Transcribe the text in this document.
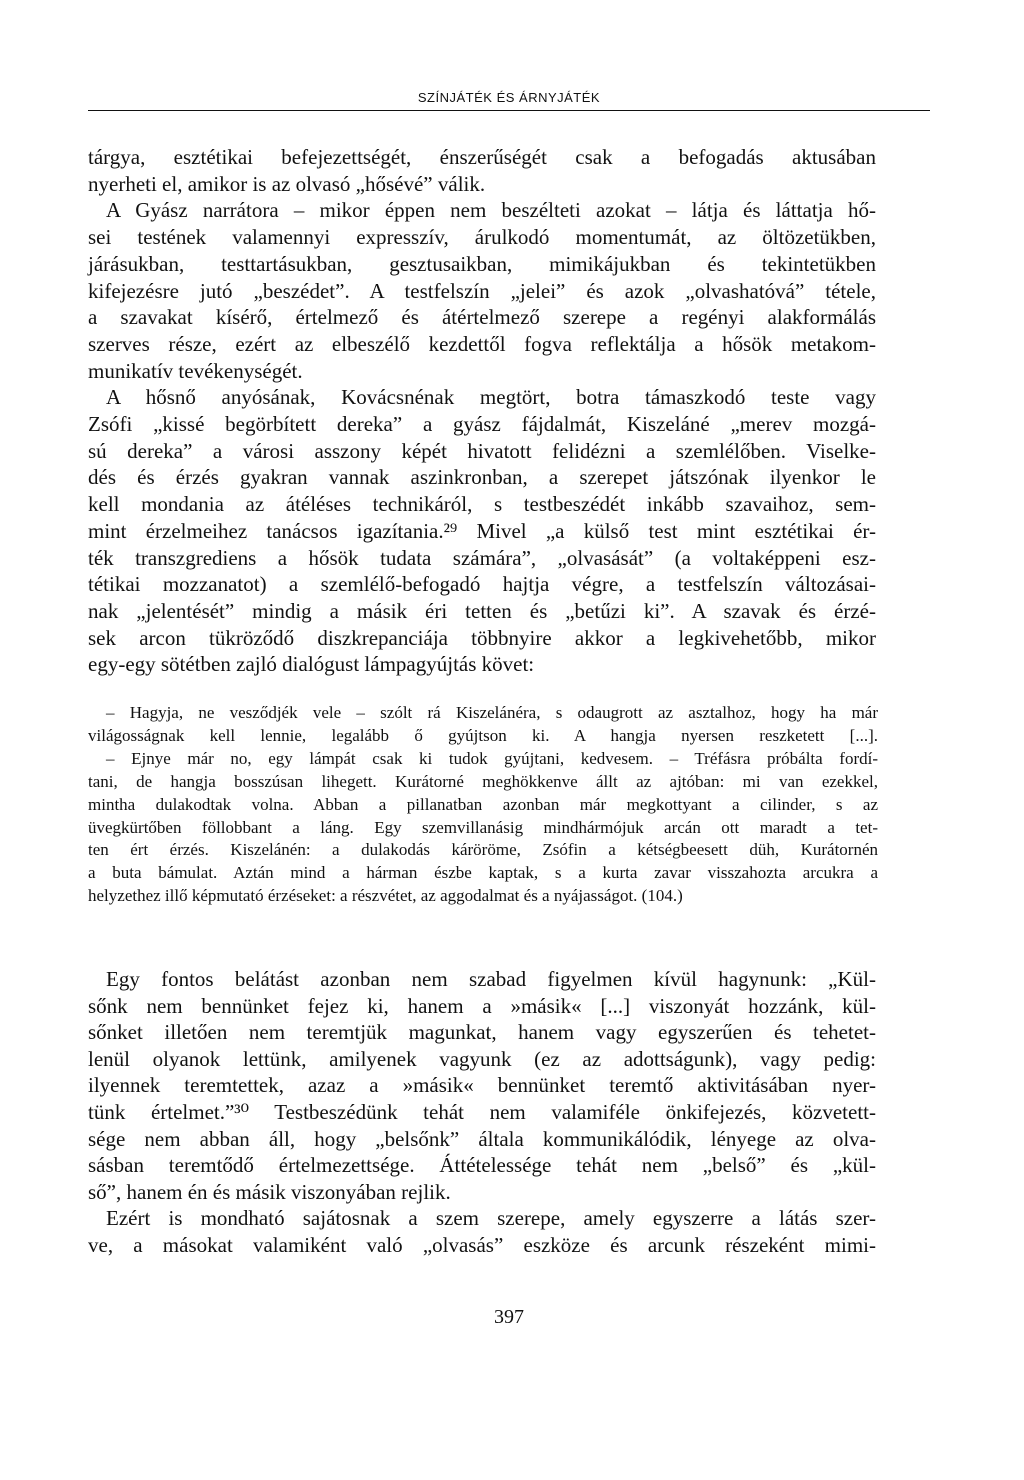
SZÍNJÁTÉK ÉS ÁRNYJÁTÉK
tárgya, esztétikai befejezettségét, énszerűségét csak a befogadás aktusában
nyerheti el, amikor is az olvasó „hősévé” válik.
A Gyász narrátora – mikor éppen nem beszélteti azokat – látja és láttatja hő-
sei testének valamennyi expresszív, árulkodó momentumát, az öltözetükben,
járásukban, testtartásukban, gesztusaikban, mimikájukban és tekintetükben
kifejezésre jutó „beszédet”. A testfelszín „jelei” és azok „olvashatóvá” tétele,
a szavakat kísérő, értelmező és átértelmező szerepe a regényi alakformálás
szerves része, ezért az elbeszélő kezdettől fogva reflektálja a hősök metakom-
munikatív tevékenységét.
A hősnő anyósának, Kovácsnénak megtört, botra támaszkodó teste vagy
Zsófi „kissé begörbített dereka” a gyász fájdalmát, Kiszeláné „merev mozgá-
sú dereka” a városi asszony képét hivatott felidézni a szemlélőben. Viselke-
dés és érzés gyakran vannak aszinkronban, a szerepet játszónak ilyenkor le
kell mondania az átéléses technikáról, s testbeszédét inkább szavaihoz, sem-
mint érzelmeihez tanácsos igazítania.²⁹ Mivel „a külső test mint esztétikai ér-
ték transzgrediens a hősök tudata számára”, „olvasását” (a voltaképpeni esz-
tétikai mozzanatot) a szemlélő-befogadó hajtja végre, a testfelszín változásai-
nak „jelentését” mindig a másik éri tetten és „betűzi ki”. A szavak és érzé-
sek arcon tükröződő diszkrepanciája többnyire akkor a legkivehetőbb, mikor
egy-egy sötétben zajló dialógust lámpagyújtás követ:
– Hagyja, ne vesződjék vele – szólt rá Kiszelánéra, s odaugrott az asztalhoz, hogy ha már
világosságnak kell lennie, legalább ő gyújtson ki. A hangja nyersen reszketett [...].
– Ejnye már no, egy lámpát csak ki tudok gyújtani, kedvesem. – Tréfásra próbálta fordí-
tani, de hangja bosszúsan lihegett. Kurátorné meghökkenve állt az ajtóban: mi van ezekkel,
mintha dulakodtak volna. Abban a pillanatban azonban már megkottyant a cilinder, s az
üvegkürtőben föllobbant a láng. Egy szemvillanásig mindhármójuk arcán ott maradt a tet-
ten ért érzés. Kiszelánén: a dulakodás káröröme, Zsófin a kétségbeesett düh, Kurátornén
a buta bámulat. Aztán mind a hárman észbe kaptak, s a kurta zavar visszahozta arcukra a
helyzethez illő képmutató érzéseket: a részvétet, az aggodalmat és a nyájasságot. (104.)
Egy fontos belátást azonban nem szabad figyelmen kívül hagynunk: „Kül-
sőnk nem bennünket fejez ki, hanem a »másik« [...] viszonyát hozzánk, kül-
sőnket illetően nem teremtjük magunkat, hanem vagy egyszerűen és tehetet-
lenül olyanok lettünk, amilyenek vagyunk (ez az adottságunk), vagy pedig:
ilyennek teremtettek, azaz a »másik« bennünket teremtő aktivitásában nyer-
tünk értelmet.”³⁰ Testbeszédünk tehát nem valamiféle önkifejezés, közvetett-
sége nem abban áll, hogy „belsőnk” általa kommunikálódik, lényege az olva-
sásban teremtődő értelmezettsége. Áttételessége tehát nem „belső” és „kül-
ső”, hanem én és másik viszonyában rejlik.
Ezért is mondható sajátosnak a szem szerepe, amely egyszerre a látás szer-
ve, a másokat valamiként való „olvasás” eszköze és arcunk részeként mimi-
397
